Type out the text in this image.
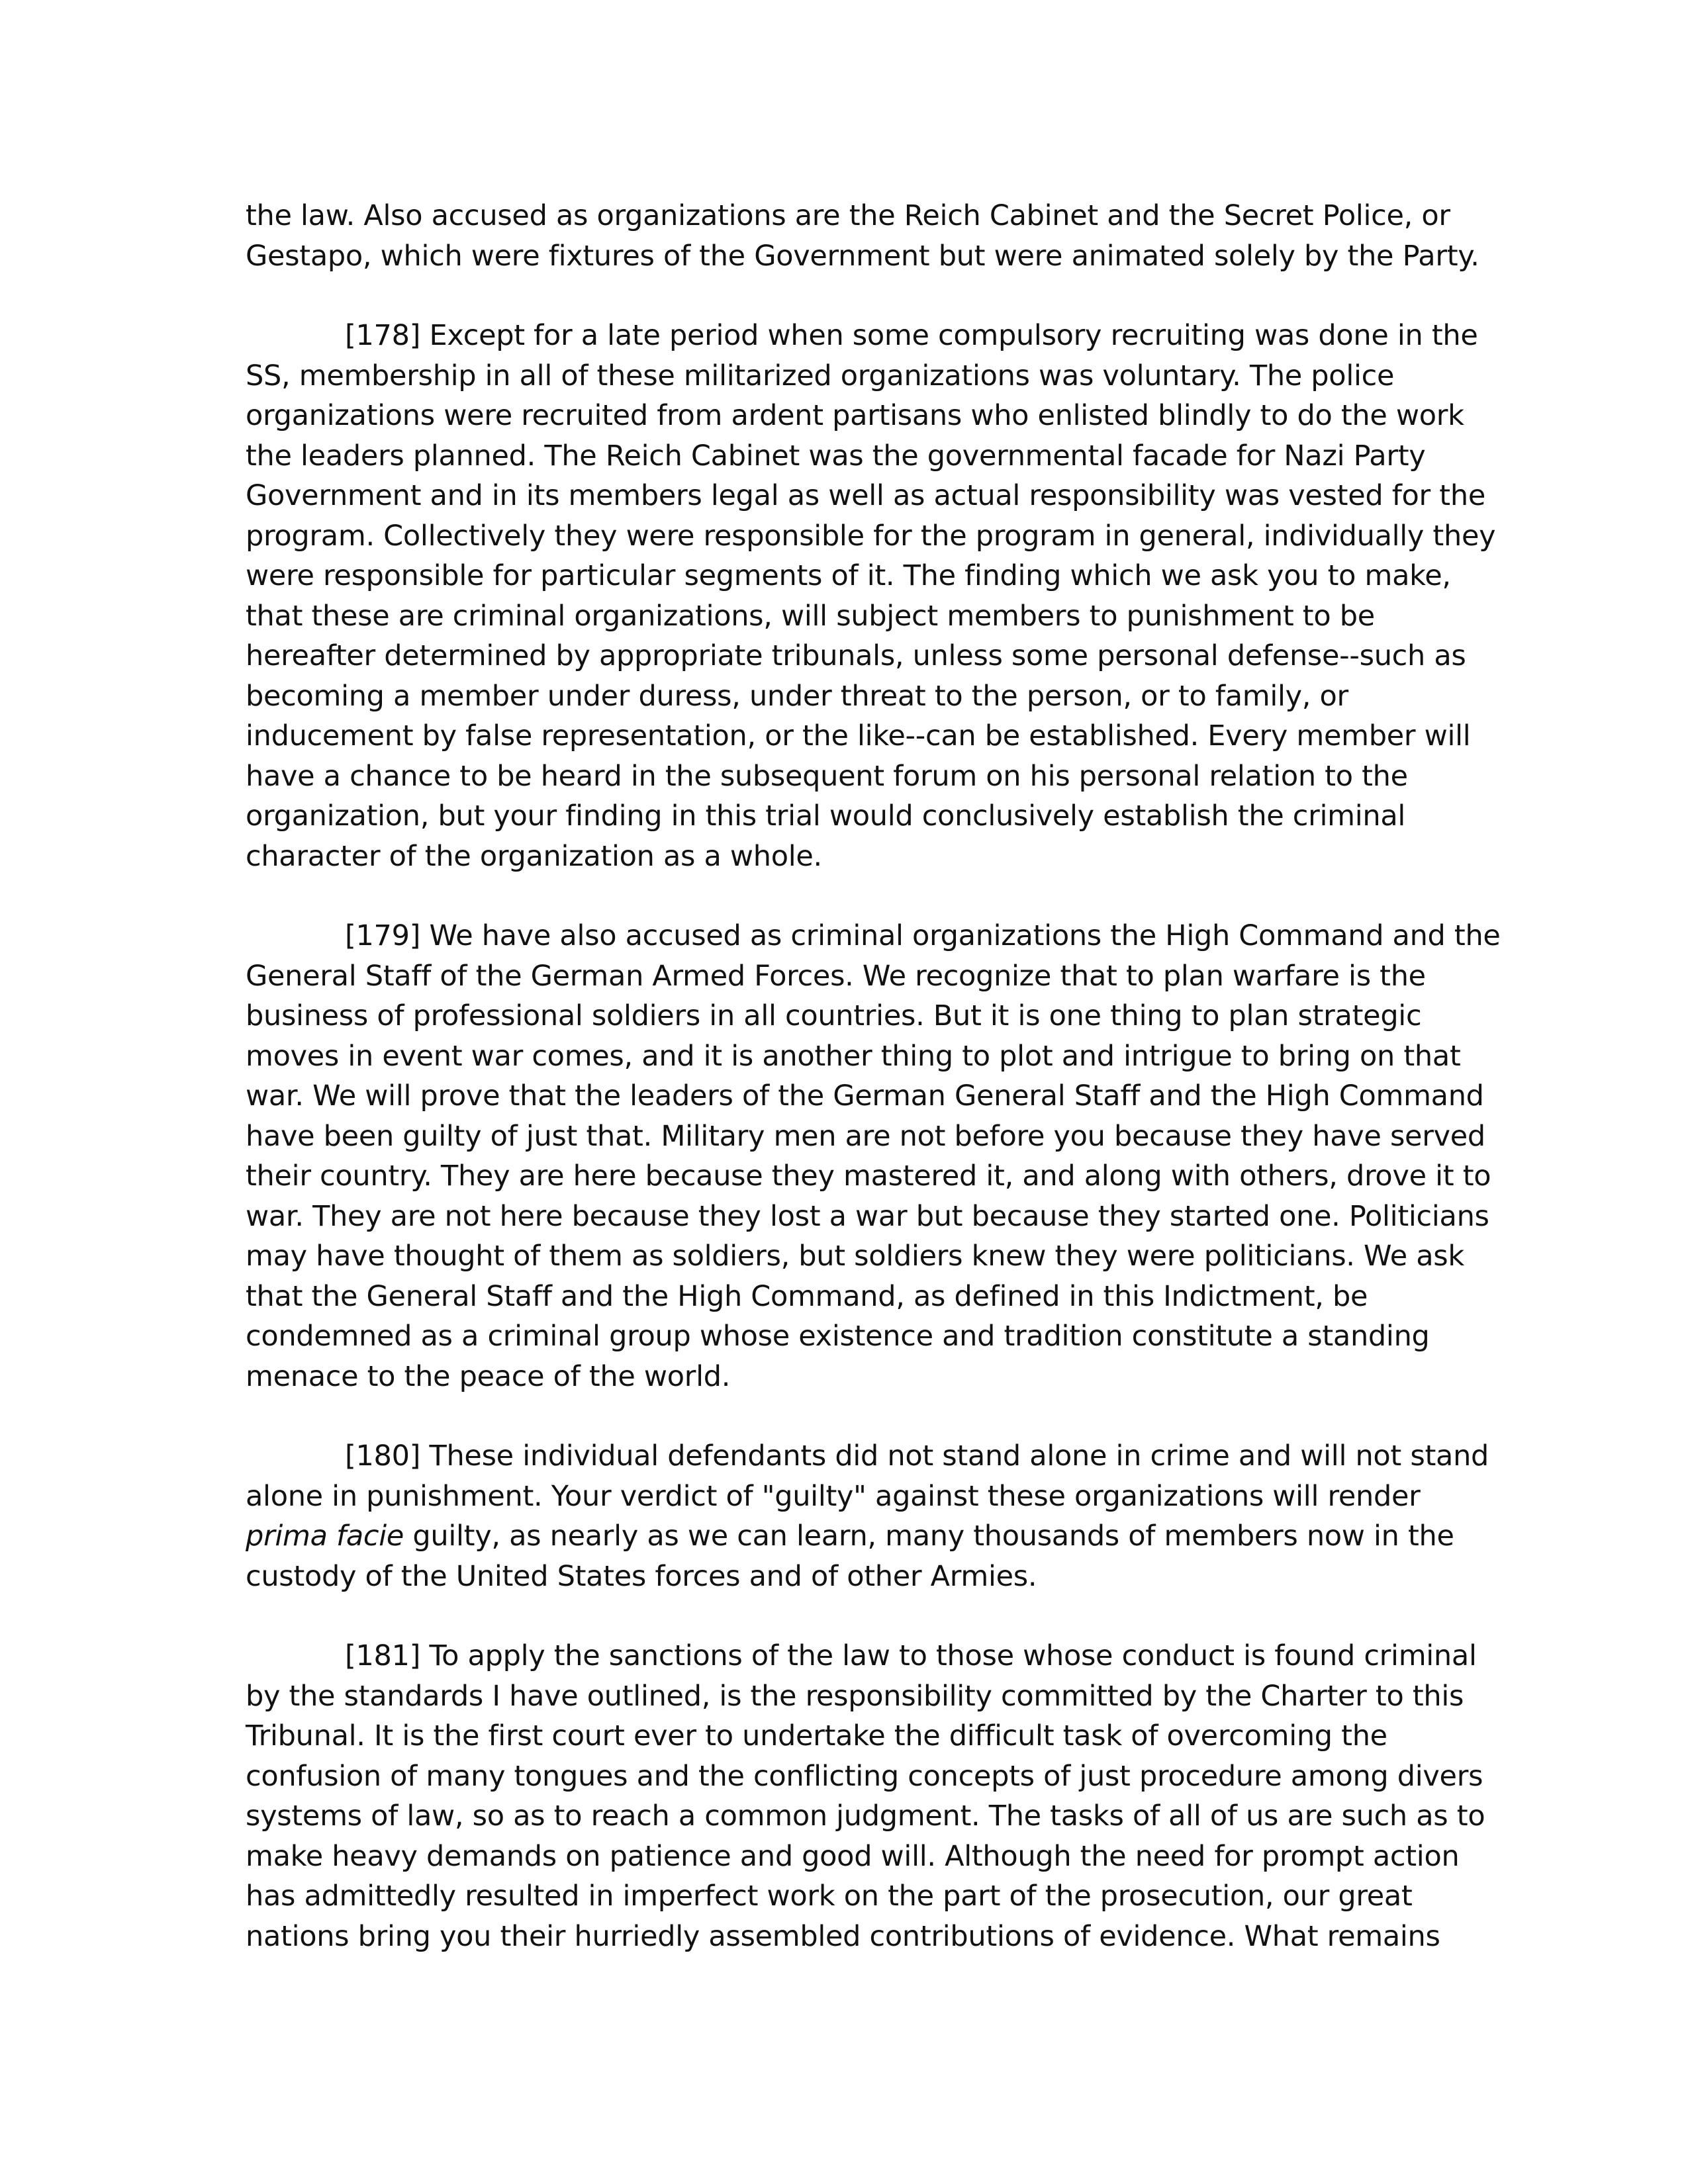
the law. Also accused as organizations are the Reich Cabinet and the Secret Police, or
Gestapo, which were fixtures of the Government but were animated solely by the Party.

[178] Except for a late period when some compulsory recruiting was done in the
SS, membership in all of these militarized organizations was voluntary. The police
organizations were recruited from ardent partisans who enlisted blindly to do the work
the leaders planned. The Reich Cabinet was the governmental facade for Nazi Party
Government and in its members legal as well as actual responsibility was vested for the
program. Collectively they were responsible for the program in general, individually they
were responsible for particular segments of it. The finding which we ask you to make,
that these are criminal organizations, will subject members to punishment to be
hereafter determined by appropriate tribunals, unless some personal defense--such as
becoming a member under duress, under threat to the person, or to family, or
inducement by false representation, or the like--can be established. Every member will
have a chance to be heard in the subsequent forum on his personal relation to the
organization, but your finding in this trial would conclusively establish the criminal
character of the organization as a whole.

[179] We have also accused as criminal organizations the High Command and the
General Staff of the German Armed Forces. We recognize that to plan warfare is the
business of professional soldiers in all countries. But it is one thing to plan strategic
moves in event war comes, and it is another thing to plot and intrigue to bring on that
war. We will prove that the leaders of the German General Staff and the High Command
have been guilty of just that. Military men are not before you because they have served
their country. They are here because they mastered it, and along with others, drove it to
war. They are not here because they lost a war but because they started one. Politicians
may have thought of them as soldiers, but soldiers knew they were politicians. We ask
that the General Staff and the High Command, as defined in this Indictment, be
condemned as a criminal group whose existence and tradition constitute a standing
menace to the peace of the world.

[180] These individual defendants did not stand alone in crime and will not stand
alone in punishment. Your verdict of "guilty" against these organizations will render
prima facie guilty, as nearly as we can learn, many thousands of members now in the
custody of the United States forces and of other Armies.

[181] To apply the sanctions of the law to those whose conduct is found criminal
by the standards I have outlined, is the responsibility committed by the Charter to this
Tribunal. It is the first court ever to undertake the difficult task of overcoming the
confusion of many tongues and the conflicting concepts of just procedure among divers
systems of law, so as to reach a common judgment. The tasks of all of us are such as to
make heavy demands on patience and good will. Although the need for prompt action
has admittedly resulted in imperfect work on the part of the prosecution, our great
nations bring you their hurriedly assembled contributions of evidence. What remains
